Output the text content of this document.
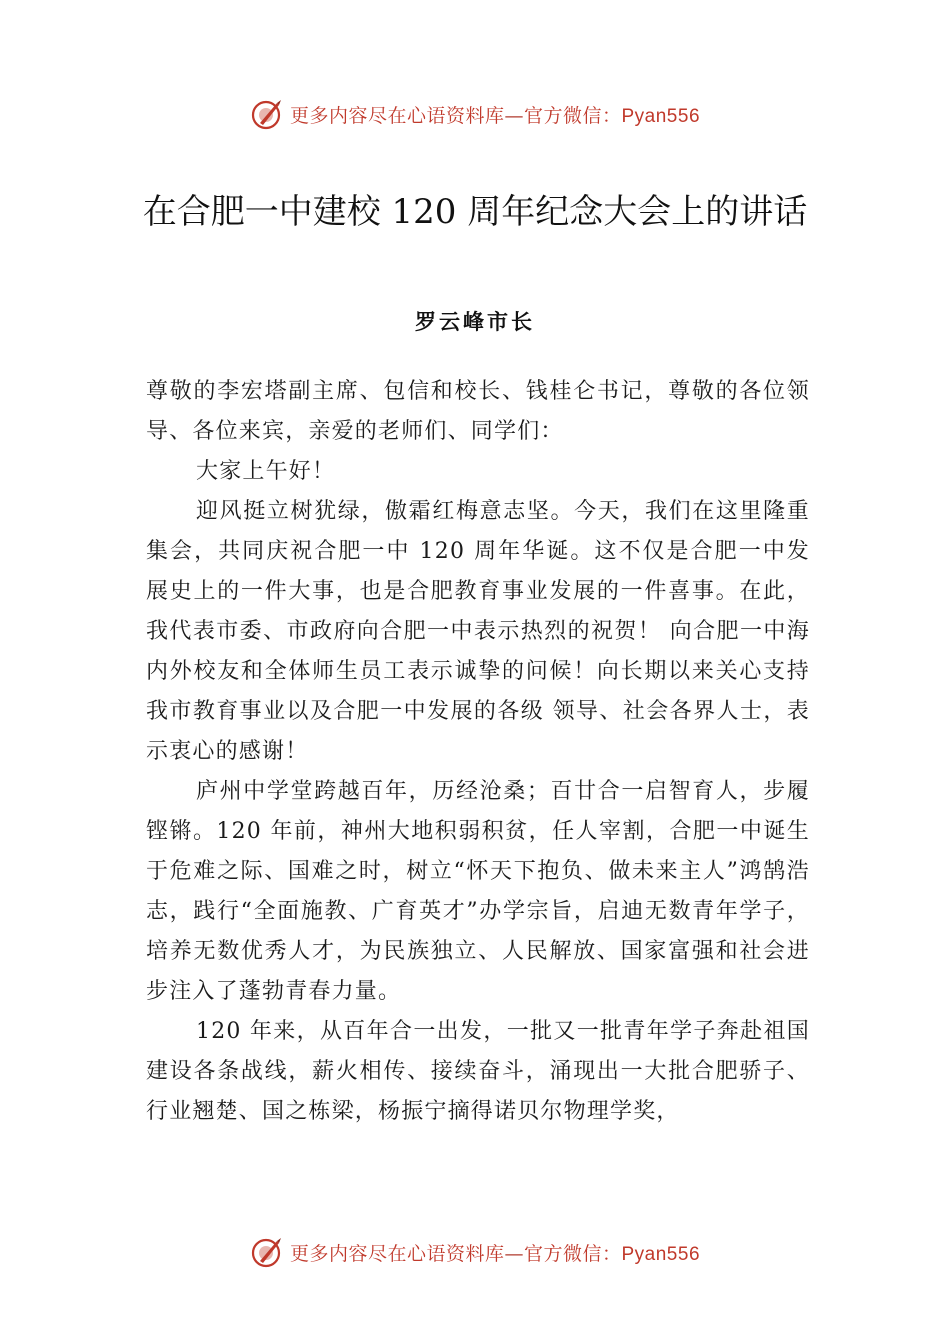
更多内容尽在心语资料库—官方微信：Pyan556
在合肥一中建校 120 周年纪念大会上的讲话
罗云峰市长

尊敬的李宏塔副主席、包信和校长、钱桂仑书记，尊敬的各位领导、各位来宾，亲爱的老师们、同学们：

大家上午好！

迎风挺立树犹绿，傲霜红梅意志坚。今天，我们在这里隆重集会，共同庆祝合肥一中 120 周年华诞。这不仅是合肥一中发展史上的一件大事，也是合肥教育事业发展的一件喜事。在此，我代表市委、市政府向合肥一中表示热烈的祝贺！ 向合肥一中海内外校友和全体师生员工表示诚挚的问候！向长期以来关心支持我市教育事业以及合肥一中发展的各级 领导、社会各界人士，表示衷心的感谢！

庐州中学堂跨越百年，历经沧桑；百廿合一启智育人，步履铿锵。120 年前，神州大地积弱积贫，任人宰割，合肥一中诞生于危难之际、国难之时，树立“怀天下抱负、做未来主人”鸿鹄浩志，践行“全面施教、广育英才”办学宗旨，启迪无数青年学子，培养无数优秀人才，为民族独立、人民解放、国家富强和社会进步注入了蓬勃青春力量。

120 年来，从百年合一出发，一批又一批青年学子奔赴祖国建设各条战线，薪火相传、接续奋斗，涌现出一大批合肥骄子、行业翘楚、国之栋梁，杨振宁摘得诺贝尔物理学奖，

更多内容尽在心语资料库—官方微信：Pyan556
